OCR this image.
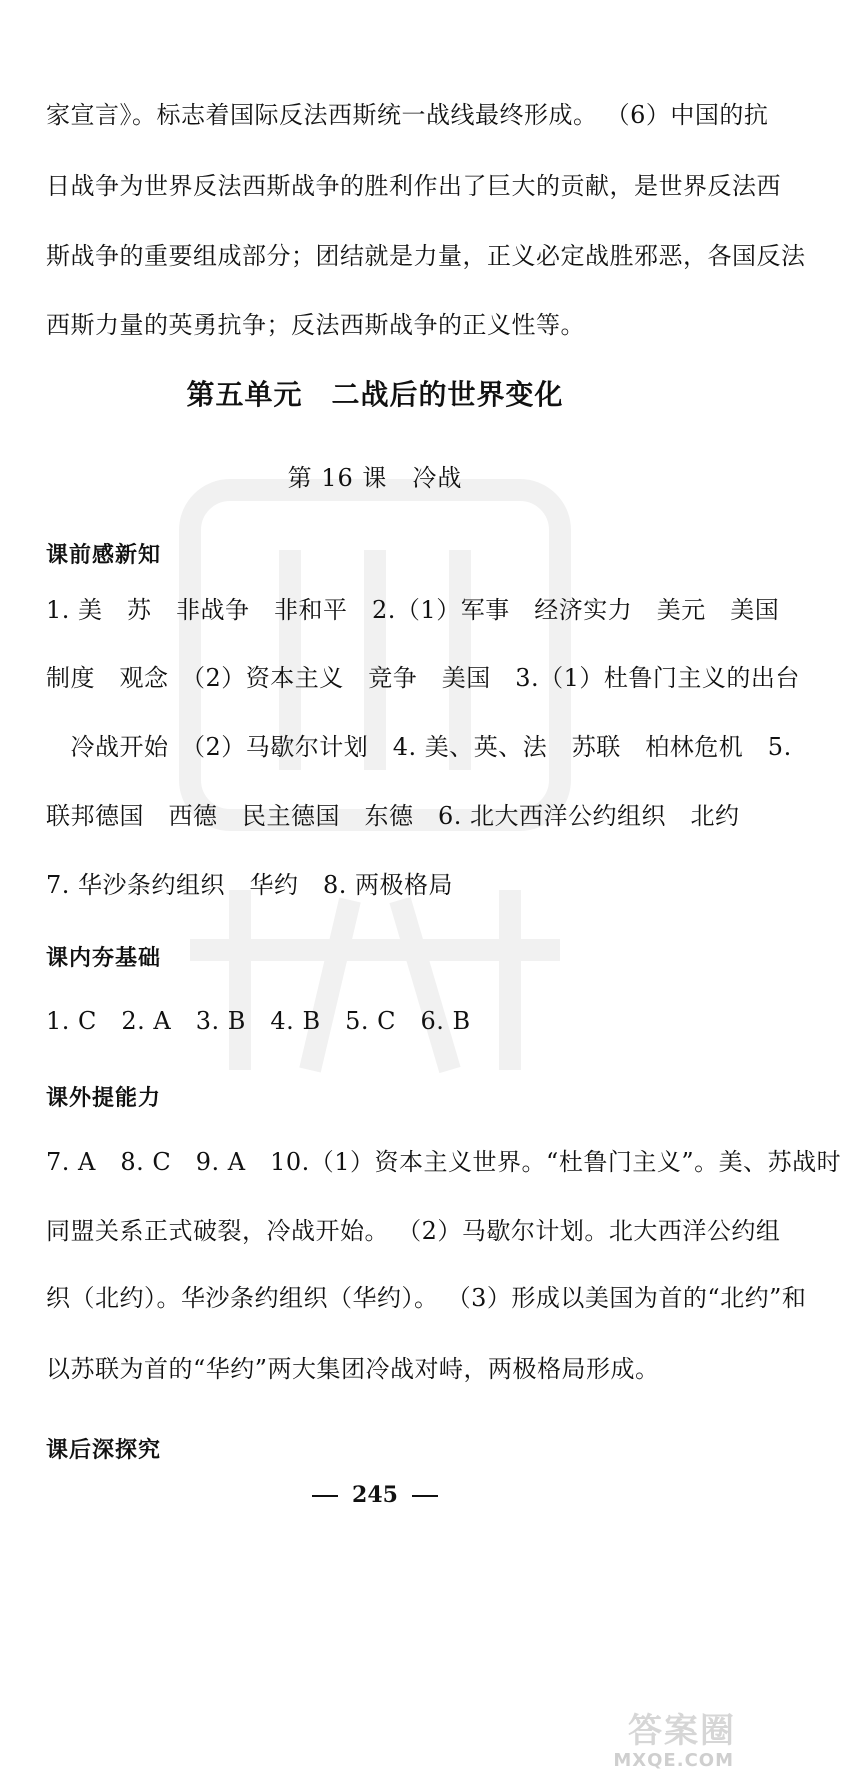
家宣言》。标志着国际反法西斯统一战线最终形成。 （6）中国的抗
日战争为世界反法西斯战争的胜利作出了巨大的贡献，是世界反法西
斯战争的重要组成部分；团结就是力量，正义必定战胜邪恶，各国反法
西斯力量的英勇抗争；反法西斯战争的正义性等。
第五单元　二战后的世界变化
第 16 课　冷战
课前感新知
1. 美　苏　非战争　非和平　2.（1）军事　经济实力　美元　美国
制度　观念　（2）资本主义　竞争　美国　3.（1）杜鲁门主义的出台
　冷战开始　（2）马歇尔计划　4. 美、英、法　苏联　柏林危机　5.
联邦德国　西德　民主德国　东德　6. 北大西洋公约组织　北约
7. 华沙条约组织　华约　8. 两极格局
课内夯基础
1. C　2. A　3. B　4. B　5. C　6. B
课外提能力
7. A　8. C　9. A　10.（1）资本主义世界。“杜鲁门主义”。美、苏战时
同盟关系正式破裂，冷战开始。 （2）马歇尔计划。北大西洋公约组
织（北约）。华沙条约组织（华约）。 （3）形成以美国为首的“北约”和
以苏联为首的“华约”两大集团冷战对峙，两极格局形成。
课后深探究
245
答案圈
MXQE.COM
